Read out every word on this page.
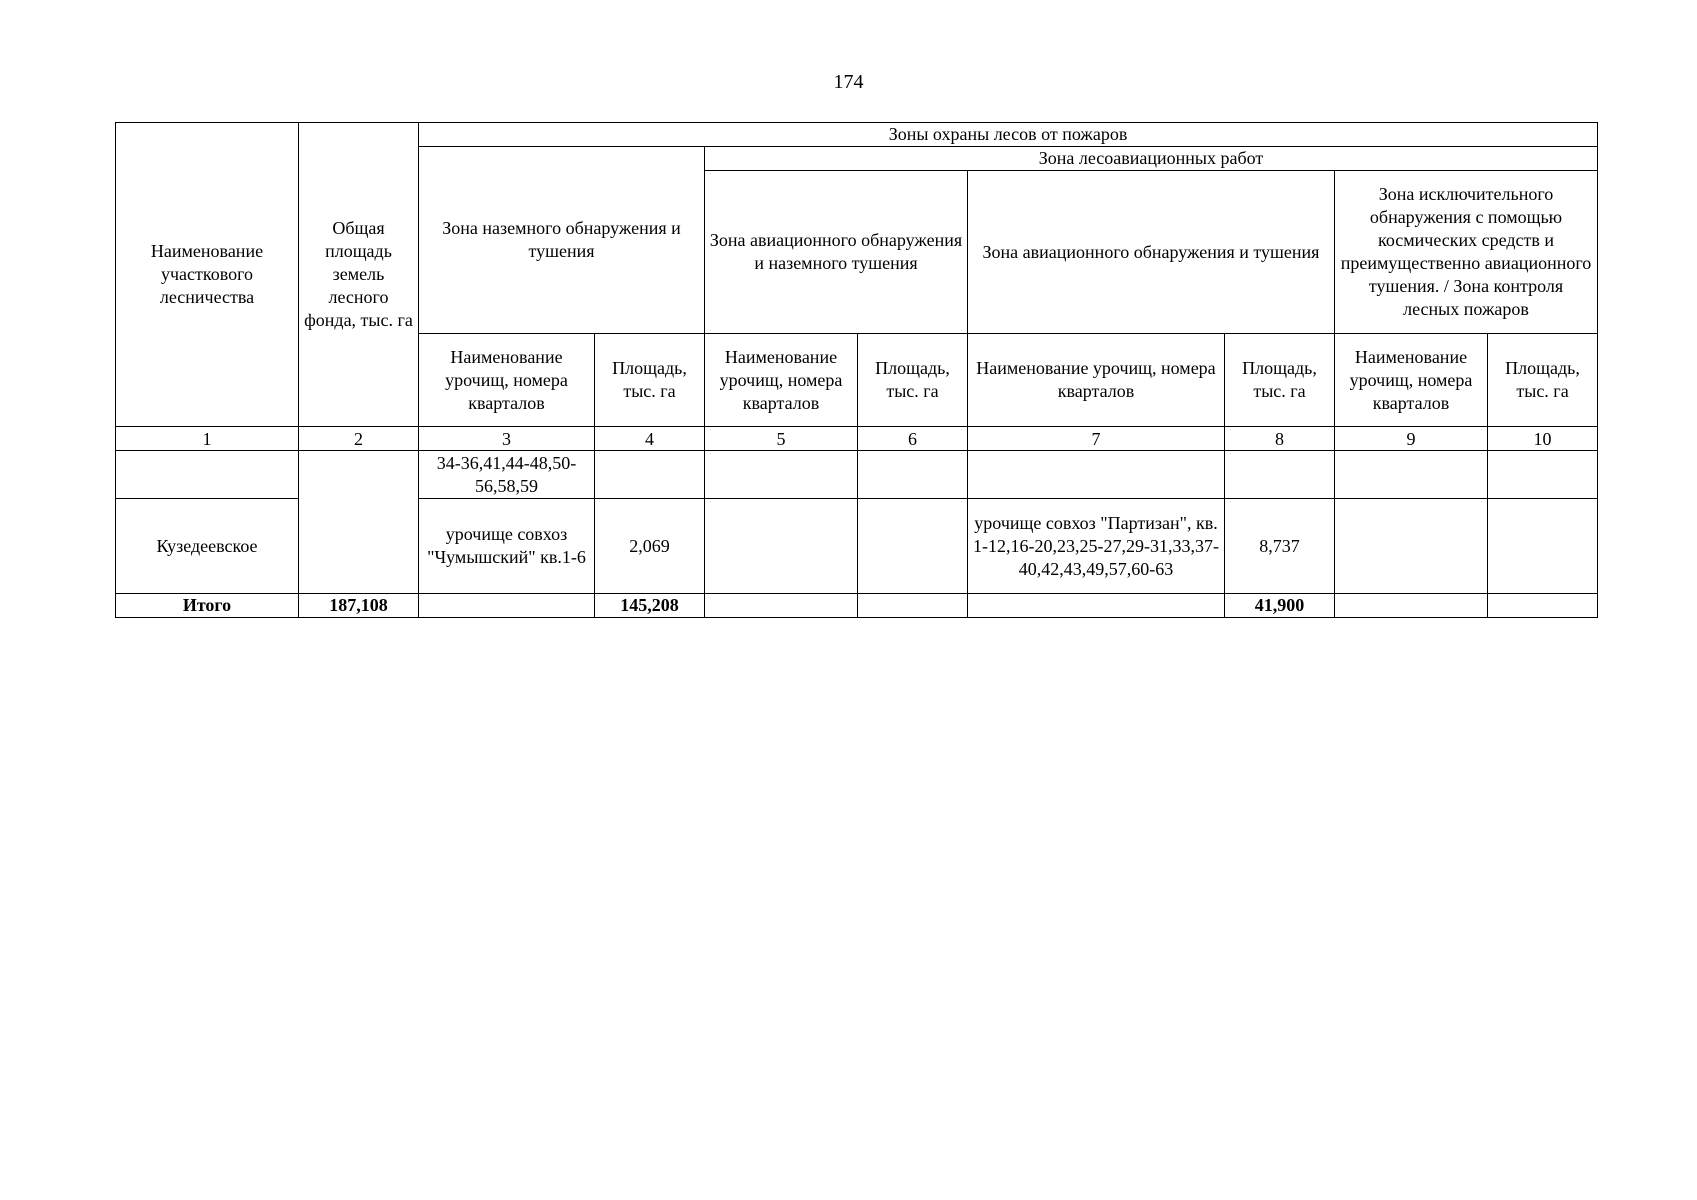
174
Наименование участкового лесничества	Общая площадь земель лесного фонда, тыс. га	Зоны охраны лесов от пожаров							
		Зона наземного обнаружения и тушения		Зона лесоавиационных работ					
				Зона авиационного обнаружения и наземного тушения		Зона авиационного обнаружения и тушения		Зона исключительного обнаружения с помощью космических средств и преимущественно авиационного тушения. / Зона контроля лесных пожаров	
		Наименование урочищ, номера кварталов	Площадь, тыс. га	Наименование урочищ, номера кварталов	Площадь, тыс. га	Наименование урочищ, номера кварталов	Площадь, тыс. га	Наименование урочищ, номера кварталов	Площадь, тыс. га
1	2	3	4	5	6	7	8	9	10
		34-36,41,44-48,50-56,58,59							
Кузедеевское		урочище совхоз "Чумышский" кв.1-6	2,069			урочище совхоз "Партизан", кв. 1-12,16-20,23,25-27,29-31,33,37-40,42,43,49,57,60-63	8,737		
Итого	187,108		145,208				41,900		
